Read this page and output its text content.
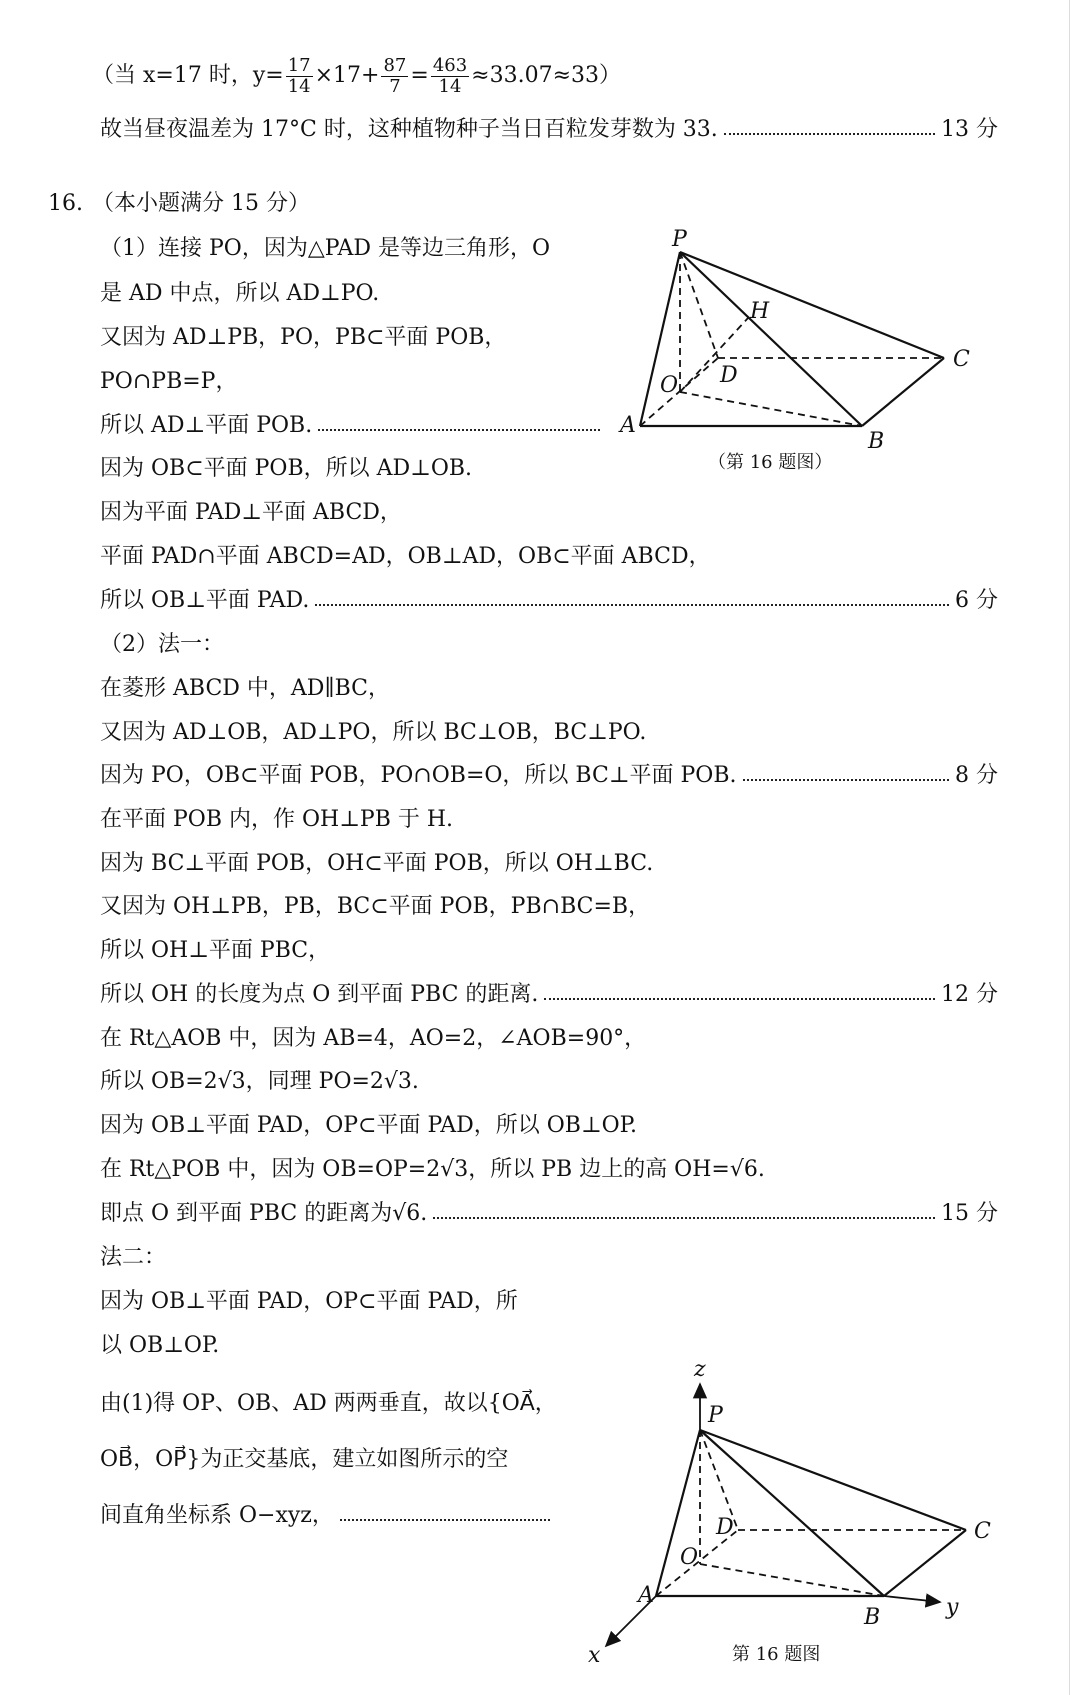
（当 x=17 时，$y= \frac{17}{14} \times 17+ \frac{87}{7} = \frac{463}{14} \approx 33.07\approx 33$）
故当昼夜温差为 17°C 时，这种植物种子当日百粒发芽数为 33.	13 分
16. （本小题满分 15 分）
（1）连接 PO，因为△PAD 是等边三角形，O
是 AD 中点，所以 AD⊥PO.
又因为 AD⊥PB，PO，PB⊂平面 POB，
PO∩PB=P，
所以 AD⊥平面 POB.
因为 OB⊂平面 POB，所以 AD⊥OB.
因为平面 PAD⊥平面 ABCD，
平面 PAD∩平面 ABCD=AD，OB⊥AD，OB⊂平面 ABCD，
所以 OB⊥平面 PAD.	6 分
（2）法一：
在菱形 ABCD 中，AD∥BC，
又因为 AD⊥OB，AD⊥PO，所以 BC⊥OB，BC⊥PO.
因为 PO，OB⊂平面 POB，PO∩OB=O，所以 BC⊥平面 POB.	8 分
在平面 POB 内，作 OH⊥PB 于 H.
因为 BC⊥平面 POB，OH⊂平面 POB，所以 OH⊥BC.
又因为 OH⊥PB，PB，BC⊂平面 POB，PB∩BC=B，
所以 OH⊥平面 PBC，
所以 OH 的长度为点 O 到平面 PBC 的距离.	12 分
在 Rt△AOB 中，因为 AB=4，AO=2，∠AOB=90°，
所以 OB=2√3，同理 PO=2√3.
因为 OB⊥平面 PAD，OP⊂平面 PAD，所以 OB⊥OP.
在 Rt△POB 中，因为 OB=OP=2√3，所以 PB 边上的高 OH=√6.
即点 O 到平面 PBC 的距离为√6.	15 分
法二：
因为 OB⊥平面 PAD，OP⊂平面 PAD，所
以 OB⊥OP.
由(1)得 OP、OB、AD 两两垂直，故以{OA⃗，
OB⃗，OP⃗}为正交基底，建立如图所示的空
间直角坐标系 O−xyz，
P
H
D
C
O
A
B
（第 16 题图）
z
P
D	C
O
A
B	y
x	第 16 题图
